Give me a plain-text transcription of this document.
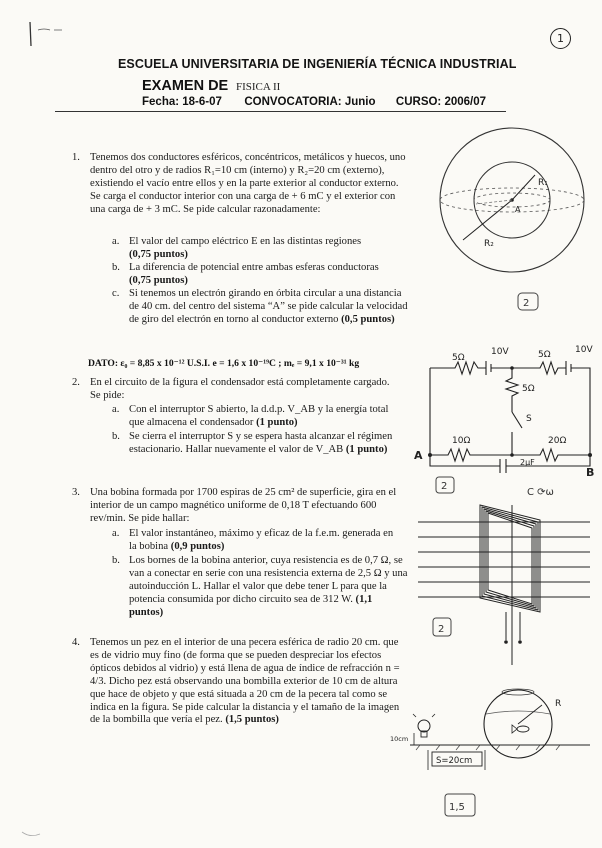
1
ESCUELA UNIVERSITARIA DE INGENIERÍA TÉCNICA INDUSTRIAL
EXAMEN DE FISICA II
Fecha: 18-6-07 CONVOCATORIA: Junio CURSO: 2006/07
1. Tenemos dos conductores esféricos, concéntricos, metálicos y huecos, uno dentro del otro y de radios R₁=10 cm (interno) y R₂=20 cm (externo), existiendo el vacío entre ellos y en la parte exterior al conductor externo. Se carga el conductor interior con una carga de + 6 mC y el exterior con una carga de + 3 mC. Se pide calcular razonadamente:
a. El valor del campo eléctrico E en las distintas regiones
(0,75 puntos)
b. La diferencia de potencial entre ambas esferas conductoras (0,75 puntos)
c. Si tenemos un electrón girando en órbita circular a una distancia de 40 cm. del centro del sistema “A” se pide calcular la velocidad de giro del electrón en torno al conductor externo (0,5 puntos)
DATO: ε₀ = 8,85 x 10⁻¹² U.S.I. e = 1,6 x 10⁻¹⁹C ; mₑ = 9,1 x 10⁻³¹ kg
2. En el circuito de la figura el condensador está completamente cargado. Se pide:
a. Con el interruptor S abierto, la d.d.p. V_AB y la energía total que almacena el condensador (1 punto)
b. Se cierra el interruptor S y se espera hasta alcanzar el régimen estacionario. Hallar nuevamente el valor de V_AB (1 punto)
3. Una bobina formada por 1700 espiras de 25 cm² de superficie, gira en el interior de un campo magnético uniforme de 0,18 T efectuando 600 rev/min. Se pide hallar:
a. El valor instantáneo, máximo y eficaz de la f.e.m. generada en la bobina (0,9 puntos)
b. Los bornes de la bobina anterior, cuya resistencia es de 0,7 Ω, se van a conectar en serie con una resistencia externa de 2,5 Ω y una autoinducción L. Hallar el valor que debe tener L para que la potencia consumida por dicho circuito sea de 312 W. (1,1 puntos)
4. Tenemos un pez en el interior de una pecera esférica de radio 20 cm. que es de vidrio muy fino (de forma que se pueden despreciar los efectos ópticos debidos al vidrio) y está llena de agua de índice de refracción n = 4/3. Dicho pez está observando una bombilla exterior de 10 cm de altura que hace de objeto y que está situada a 20 cm de la pecera tal como se indica en la figura. Se pide calcular la distancia y el tamaño de la imagen de la bombilla que vería el pez. (1,5 puntos)
R₁
R₂
A
2
5Ω
10V	5Ω	10V
5Ω
S
10Ω	20Ω
2μF
A
B
2
C ⟳ω
2
R
10cm
S=20cm
1,5
